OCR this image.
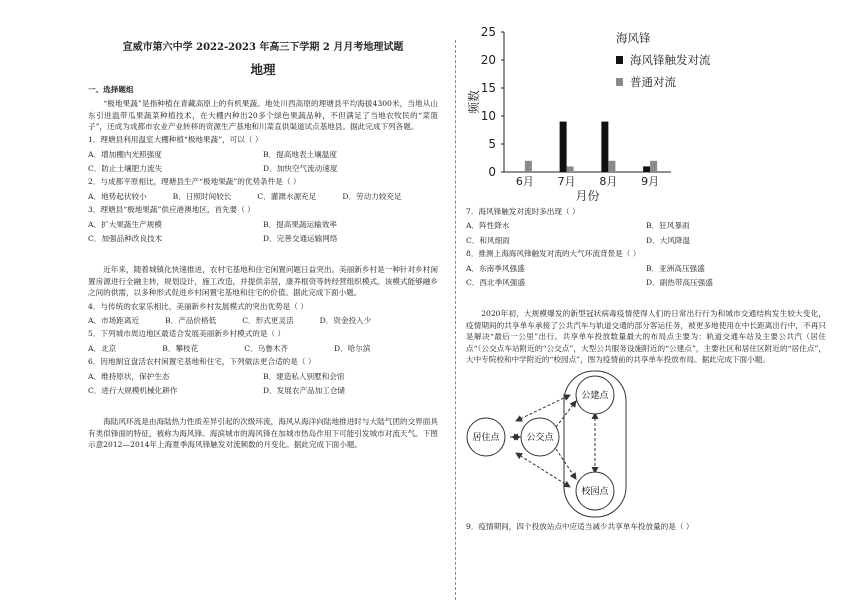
宣威市第六中学 2022-2023 年高三下学期 2 月月考地理试题
地理
一、选择题组

“极地果蔬”是指种植在青藏高原上的有机果蔬。地处川西高原的理塘县平均海拔4300米，当地从山东引进温带瓜果蔬菜种植技术，在大棚内种出20多个绿色果蔬品种，不但满足了当地农牧民的“菜篮子”，还成为成都市农业产业转移的资源生产基地和川菜直供渠道试点基地县。据此完成下列各题。

1．理塘县利用温室大棚种植“极地果蔬”，可以（ ）
A．增加棚内光照强度	B．提高地表土壤温度
C．防止土壤肥力流失	D．加快空气流动速度
2．与成都平原相比，理塘县生产“极地果蔬”的优势条件是（ ）
A．地势起伏较小	B．日照时间较长	C．灌溉水源充足	D．劳动力较充足
3．理塘县“极地果蔬”供应港澳地区，首先要（ ）
A．扩大果蔬生产规模	B．提高果蔬运输效率
C．加强品种改良技术	D．完善交通运输网络

近年来，随着城镇化快速推进，农村宅基地和住宅闲置问题日益突出。美丽新乡村是一种针对乡村闲置房源进行全融主转，规划设计，施工改造，并提供亲居，康养框资等转经营组织模式。该模式能够融乡之间的供需，以多种形式促进乡村闲置宅基地和住宅的价值。据此完成下面小题。

4．与传统的农家乐相比，美丽新乡村发展模式的突出优势是（ ）
A．市场距离近	B．产品价格低	C．形式更灵活	D．资金投入少
5．下列城市周边地区最适合发展美丽新乡村模式的是（ ）
A．北京	B．攀枝花	C．乌鲁木齐	D．哈尔滨
6．因地制宜盘活农村闲置宅基地和住宅，下列做法更合适的是（ ）
A．维持原状，保护生态	B．建造私人别墅和会馆
C．进行大规模机械化耕作	D．发展农产品加工仓储

海陆风环流是由海陆热力性质差异引起的次级环流，海风从海洋向陆地推进时与大陆气团的交界面具有类似锋面的特征，被称为海风锋。海滨城市的海风锋在加城市热岛作用下可能引发城市对流天气。下图示意2012—2014年上海夏季海风锋触发对流频数的月变化。据此完成下面小题。

0
5
10
15
20
25
频数
6月 7月 8月 9月
月份
海风锋
海风锋触发对流
普通对流
7．海风锋触发对流时多出现（ ）
A．阵性降水	B．狂风暴雨
C．和风细雨	D．大风降温
8．推测上海海风锋触发对流的大气环流背景是（ ）
A．东南季风强盛	B．亚洲高压强盛
C．西北季风强盛	D．副热带高压强盛

2020年初，大规模爆发的新型冠状病毒疫情使得人们的日常出行行为和城市交通结构发生较大变化，疫情期间的共享单车承接了公共汽车与轨道交通的部分客运任务，被更多地使用在中长距离出行中，不再只是解决“最后一公里”出行。共享单车投放数量最大的布局点主要为：轨道交通车站及主要公共汽（居住点“（公交点车站附近的“公交点”，大型公共服务设施附近的“公建点”，主要社区和居住区附近的“居住点”，大中专院校和中学附近的“校园点”，图为疫情前的共享单车投放布局。据此完成下面小题。

居住点	公交点
公建点
校园点
9．疫情期间，四个投放站点中应适当减少共享单车投放量的是（ ）
